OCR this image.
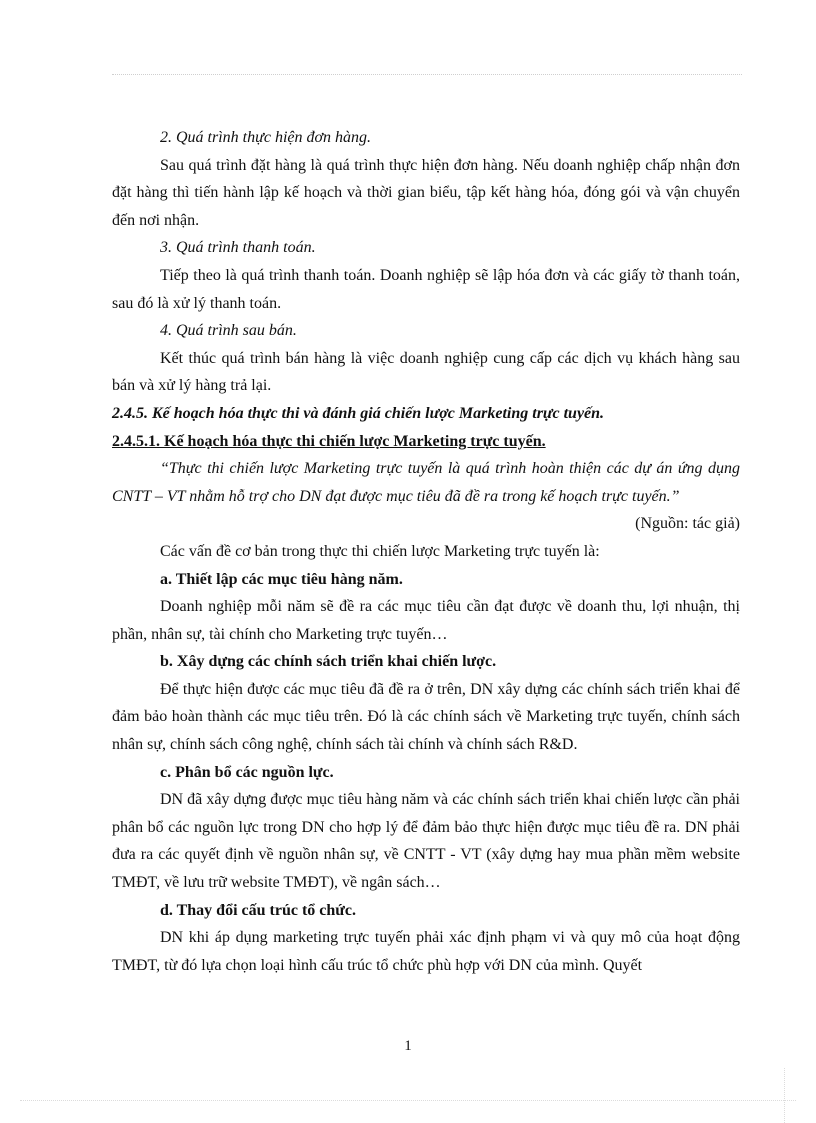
2. Quá trình thực hiện đơn hàng.

Sau quá trình đặt hàng là quá trình thực hiện đơn hàng. Nếu doanh nghiệp chấp nhận đơn đặt hàng thì tiến hành lập kế hoạch và thời gian biểu, tập kết hàng hóa, đóng gói và vận chuyển đến nơi nhận.

3. Quá trình thanh toán.

Tiếp theo là quá trình thanh toán. Doanh nghiệp sẽ lập hóa đơn và các giấy tờ thanh toán, sau đó là xử lý thanh toán.

4. Quá trình sau bán.

Kết thúc quá trình bán hàng là việc doanh nghiệp cung cấp các dịch vụ khách hàng sau bán và xử lý hàng trả lại.

2.4.5. Kế hoạch hóa thực thi và đánh giá chiến lược Marketing trực tuyến.

2.4.5.1. Kế hoạch hóa thực thi chiến lược Marketing trực tuyến.

“Thực thi chiến lược Marketing trực tuyến là quá trình hoàn thiện các dự án ứng dụng CNTT – VT nhằm hỗ trợ cho DN đạt được mục tiêu đã đề ra trong kế hoạch trực tuyến.”

(Nguồn: tác giả)

Các vấn đề cơ bản trong thực thi chiến lược Marketing trực tuyến là:

a. Thiết lập các mục tiêu hàng năm.

Doanh nghiệp mỗi năm sẽ đề ra các mục tiêu cần đạt được về doanh thu, lợi nhuận, thị phần, nhân sự, tài chính cho Marketing trực tuyến…

b. Xây dựng các chính sách triển khai chiến lược.

Để thực hiện được các mục tiêu đã đề ra ở trên, DN xây dựng các chính sách triển khai để đảm bảo hoàn thành các mục tiêu trên. Đó là các chính sách về Marketing trực tuyến, chính sách nhân sự, chính sách công nghệ, chính sách tài chính và chính sách R&D.

c. Phân bổ các nguồn lực.

DN đã xây dựng được mục tiêu hàng năm và các chính sách triển khai chiến lược cần phải phân bổ các nguồn lực trong DN cho hợp lý để đảm bảo thực hiện được mục tiêu đề ra. DN phải đưa ra các quyết định về nguồn nhân sự, về CNTT - VT (xây dựng hay mua phần mềm website TMĐT, về lưu trữ website TMĐT), về ngân sách…

d. Thay đổi cấu trúc tổ chức.

DN khi áp dụng marketing trực tuyến phải xác định phạm vi và quy mô của hoạt động TMĐT, từ đó lựa chọn loại hình cấu trúc tổ chức phù hợp với DN của mình. Quyết

1
